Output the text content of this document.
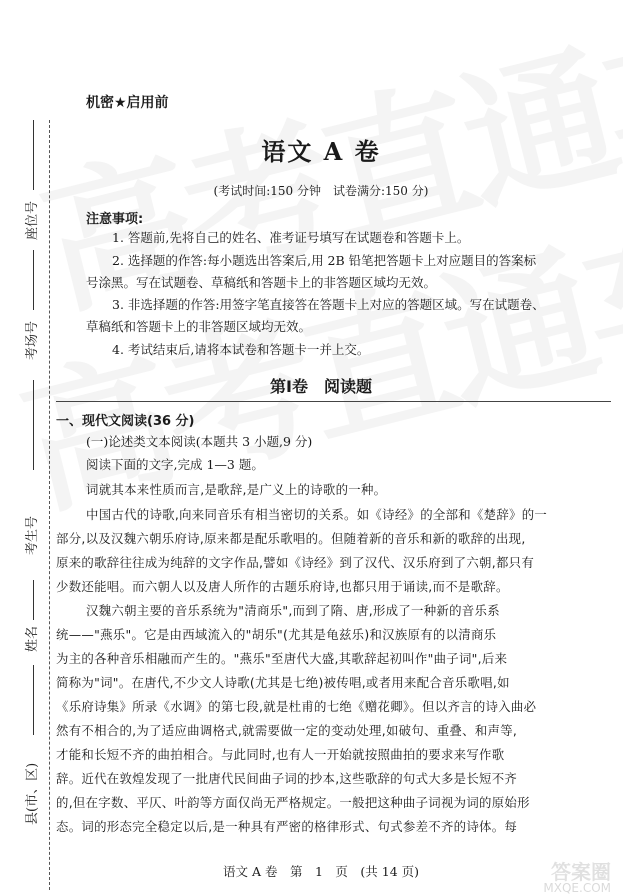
座位号
考场号
考生号
姓名
县(市、区)
机密★启用前
语文 A 卷
(考试时间:150 分钟　试卷满分:150 分)
注意事项:
1. 答题前,先将自己的姓名、准考证号填写在试题卷和答题卡上。
2. 选择题的作答:每小题选出答案后,用 2B 铅笔把答题卡上对应题目的答案标
号涂黑。写在试题卷、草稿纸和答题卡上的非答题区域均无效。
3. 非选择题的作答:用签字笔直接答在答题卡上对应的答题区域。写在试题卷、
草稿纸和答题卡上的非答题区域均无效。
4. 考试结束后,请将本试卷和答题卡一并上交。
第Ⅰ卷　阅读题
一、现代文阅读(36 分)
(一)论述类文本阅读(本题共 3 小题,9 分)
阅读下面的文字,完成 1—3 题。
词就其本来性质而言,是歌辞,是广义上的诗歌的一种。
中国古代的诗歌,向来同音乐有相当密切的关系。如《诗经》的全部和《楚辞》的一
部分,以及汉魏六朝乐府诗,原来都是配乐歌唱的。但随着新的音乐和新的歌辞的出现,
原来的歌辞往往成为纯辞的文字作品,譬如《诗经》到了汉代、汉乐府到了六朝,都只有
少数还能唱。而六朝人以及唐人所作的古题乐府诗,也都只用于诵读,而不是歌辞。
汉魏六朝主要的音乐系统为"清商乐",而到了隋、唐,形成了一种新的音乐系
统——"燕乐"。它是由西域流入的"胡乐"(尤其是龟兹乐)和汉族原有的以清商乐
为主的各种音乐相融而产生的。"燕乐"至唐代大盛,其歌辞起初叫作"曲子词",后来
简称为"词"。在唐代,不少文人诗歌(尤其是七绝)被传唱,或者用来配合音乐歌唱,如
《乐府诗集》所录《水调》的第七段,就是杜甫的七绝《赠花卿》。但以齐言的诗入曲必
然有不相合的,为了适应曲调格式,就需要做一定的变动处理,如破句、重叠、和声等,
才能和长短不齐的曲拍相合。与此同时,也有人一开始就按照曲拍的要求来写作歌
辞。近代在敦煌发现了一批唐代民间曲子词的抄本,这些歌辞的句式大多是长短不齐
的,但在字数、平仄、叶韵等方面仅尚无严格规定。一般把这种曲子词视为词的原始形
态。词的形态完全稳定以后,是一种具有严密的格律形式、句式参差不齐的诗体。每
语文 A 卷　第　1　页　(共 14 页)	答案圈
MXQE.COM
